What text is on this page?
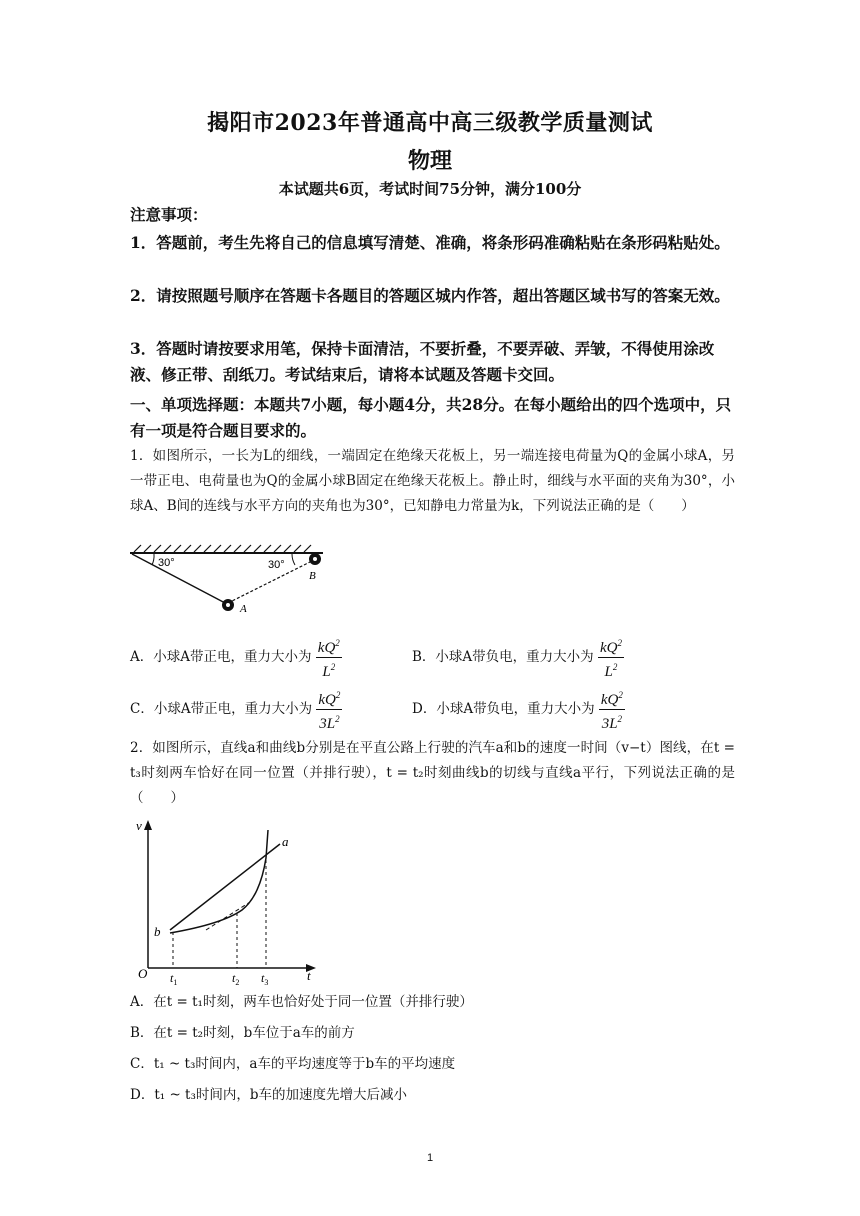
揭阳市2023年普通高中高三级教学质量测试
物理
本试题共6页，考试时间75分钟，满分100分
注意事项：
1．答题前，考生先将自己的信息填写清楚、准确，将条形码准确粘贴在条形码粘贴处。
2．请按照题号顺序在答题卡各题目的答题区城内作答，超出答题区域书写的答案无效。
3．答题时请按要求用笔，保持卡面清洁，不要折叠，不要弄破、弄皱，不得使用涂改液、修正带、刮纸刀。考试结束后，请将本试题及答题卡交回。
一、单项选择题：本题共7小题，每小题4分，共28分。在每小题给出的四个选项中，只有一项是符合题目要求的。
1．如图所示，一长为L的细线，一端固定在绝缘天花板上，另一端连接电荷量为Q的金属小球A，另一带正电、电荷量也为Q的金属小球B固定在绝缘天花板上。静止时，细线与水平面的夹角为30°，小球A、B间的连线与水平方向的夹角也为30°，已知静电力常量为k，下列说法正确的是（　　）
30°	30°
B
A
A．小球A带正电，重力大小为 $\frac{kQ^2}{L^2}$	B．小球A带负电，重力大小为 $\frac{kQ^2}{L^2}$
C．小球A带正电，重力大小为 $\frac{kQ^2}{3L^2}$	D．小球A带负电，重力大小为 $\frac{kQ^2}{3L^2}$
2．如图所示，直线a和曲线b分别是在平直公路上行驶的汽车a和b的速度一时间（v−t）图线，在t = t₃时刻两车恰好在同一位置（并排行驶），t = t₂时刻曲线b的切线与直线a平行，下列说法正确的是（　　）
v
t
O
a
b
$t_1$	$t_2$ $t_3$
A．在t = t₁时刻，两车也恰好处于同一位置（并排行驶）
B．在t = t₂时刻，b车位于a车的前方
C．t₁ ~ t₃时间内，a车的平均速度等于b车的平均速度
D．t₁ ~ t₃时间内，b车的加速度先增大后减小
1
